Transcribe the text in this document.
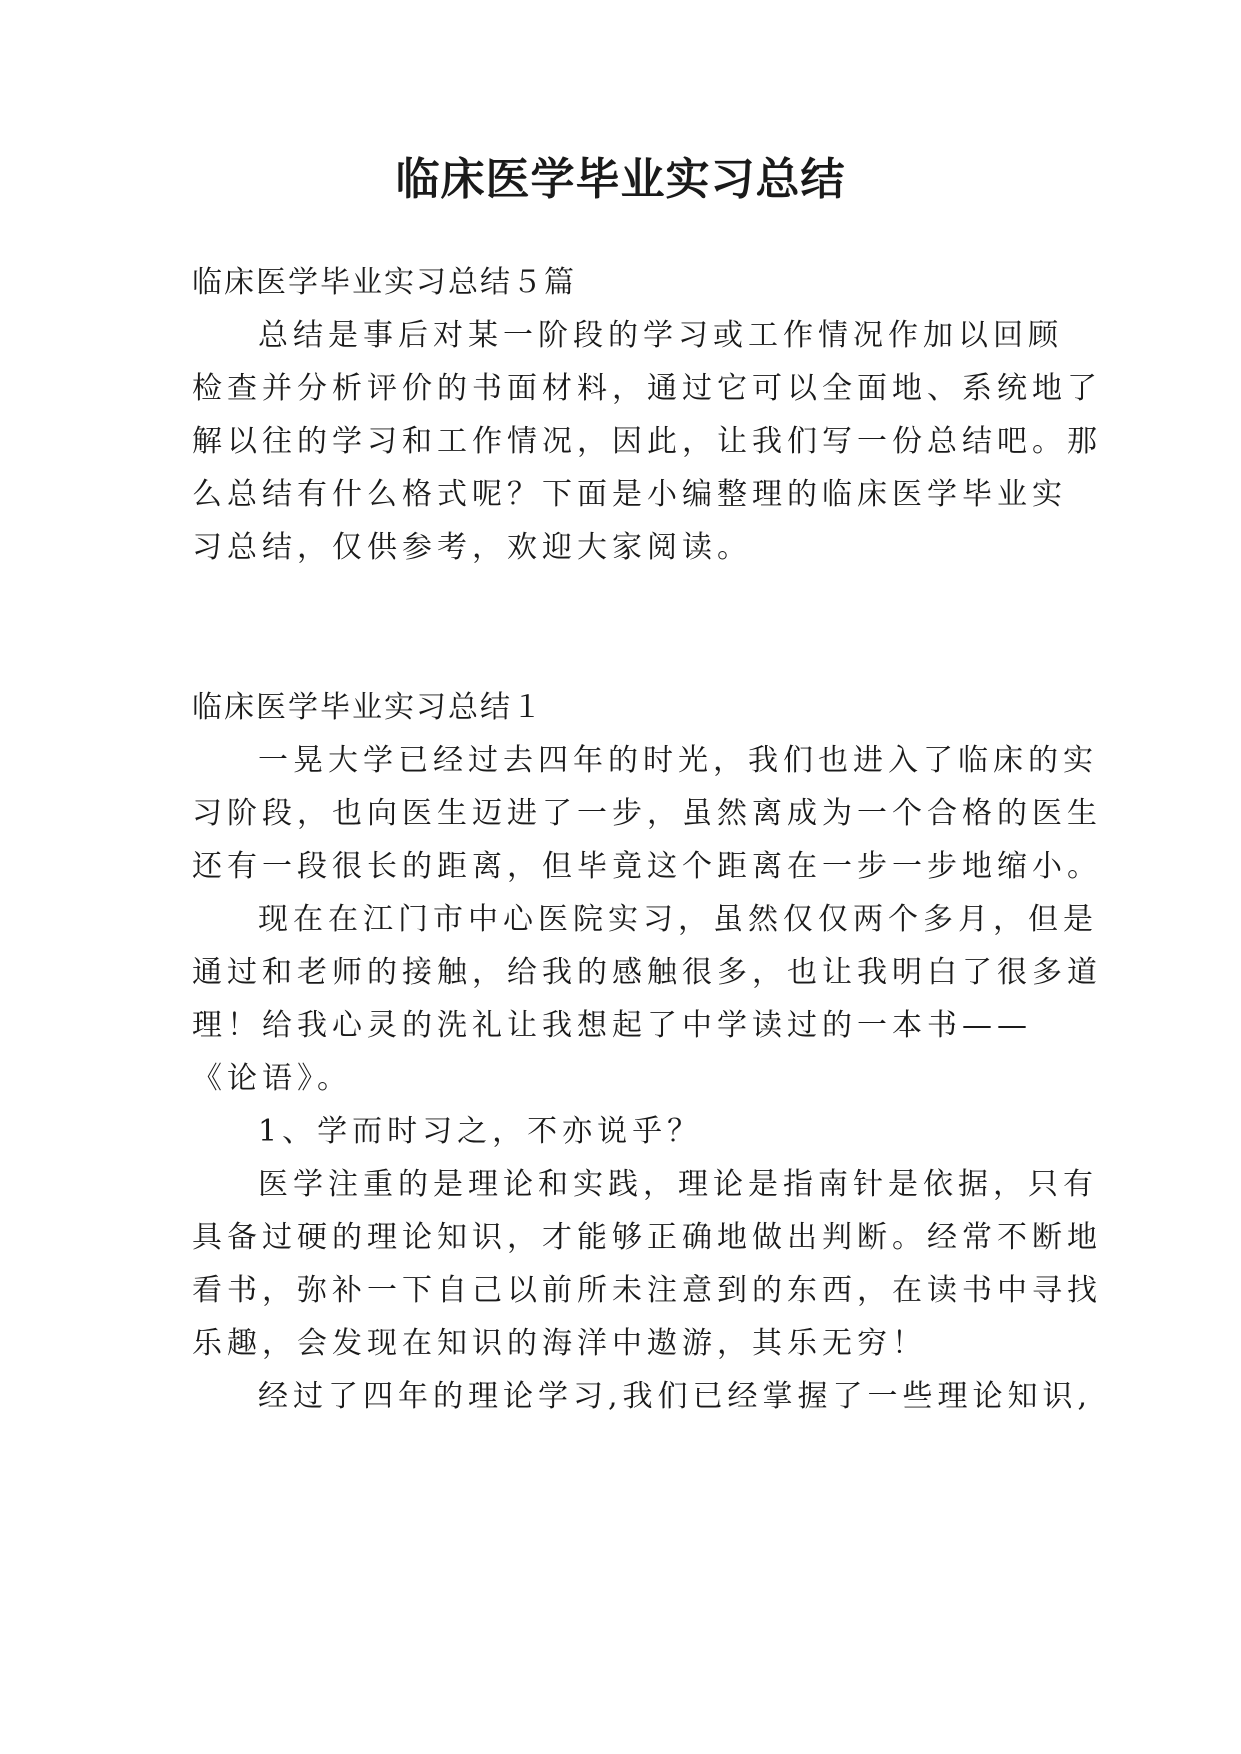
临床医学毕业实习总结

临床医学毕业实习总结５篇

总结是事后对某一阶段的学习或工作情况作加以回顾

检查并分析评价的书面材料，通过它可以全面地、系统地了

解以往的学习和工作情况，因此，让我们写一份总结吧。那

么总结有什么格式呢？下面是小编整理的临床医学毕业实

习总结，仅供参考，欢迎大家阅读。

临床医学毕业实习总结１

一晃大学已经过去四年的时光，我们也进入了临床的实

习阶段，也向医生迈进了一步，虽然离成为一个合格的医生

还有一段很长的距离，但毕竟这个距离在一步一步地缩小。

现在在江门市中心医院实习，虽然仅仅两个多月，但是

通过和老师的接触，给我的感触很多，也让我明白了很多道

理！给我心灵的洗礼让我想起了中学读过的一本书——

《论语》。

1、学而时习之，不亦说乎？

医学注重的是理论和实践，理论是指南针是依据，只有

具备过硬的理论知识，才能够正确地做出判断。经常不断地

看书，弥补一下自己以前所未注意到的东西，在读书中寻找

乐趣，会发现在知识的海洋中遨游，其乐无穷！

经过了四年的理论学习,我们已经掌握了一些理论知识,
